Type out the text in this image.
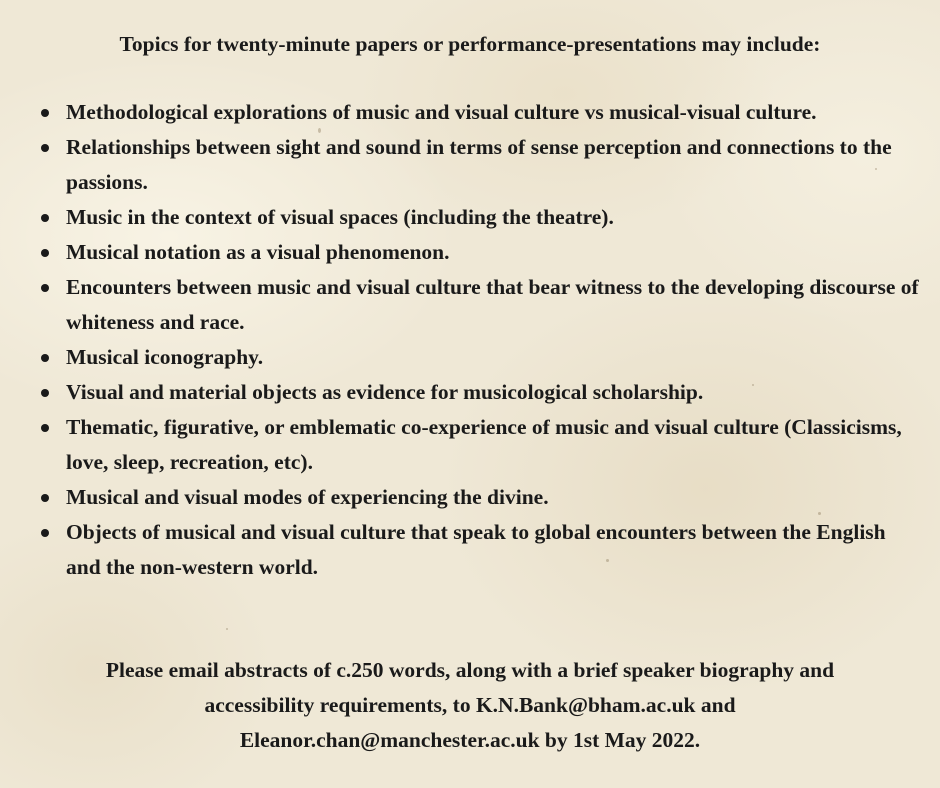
Topics for twenty-minute papers or performance-presentations may include:
Methodological explorations of music and visual culture vs musical-visual culture.
Relationships between sight and sound in terms of sense perception and connections to the passions.
Music in the context of visual spaces (including the theatre).
Musical notation as a visual phenomenon.
Encounters between music and visual culture that bear witness to the developing discourse of whiteness and race.
Musical iconography.
Visual and material objects as evidence for musicological scholarship.
Thematic, figurative, or emblematic co-experience of music and visual culture (Classicisms, love, sleep, recreation, etc).
Musical and visual modes of experiencing the divine.
Objects of musical and visual culture that speak to global encounters between the English and the non-western world.
Please email abstracts of c.250 words, along with a brief speaker biography and
accessibility requirements, to K.N.Bank@bham.ac.uk and
Eleanor.chan@manchester.ac.uk by 1st May 2022.
